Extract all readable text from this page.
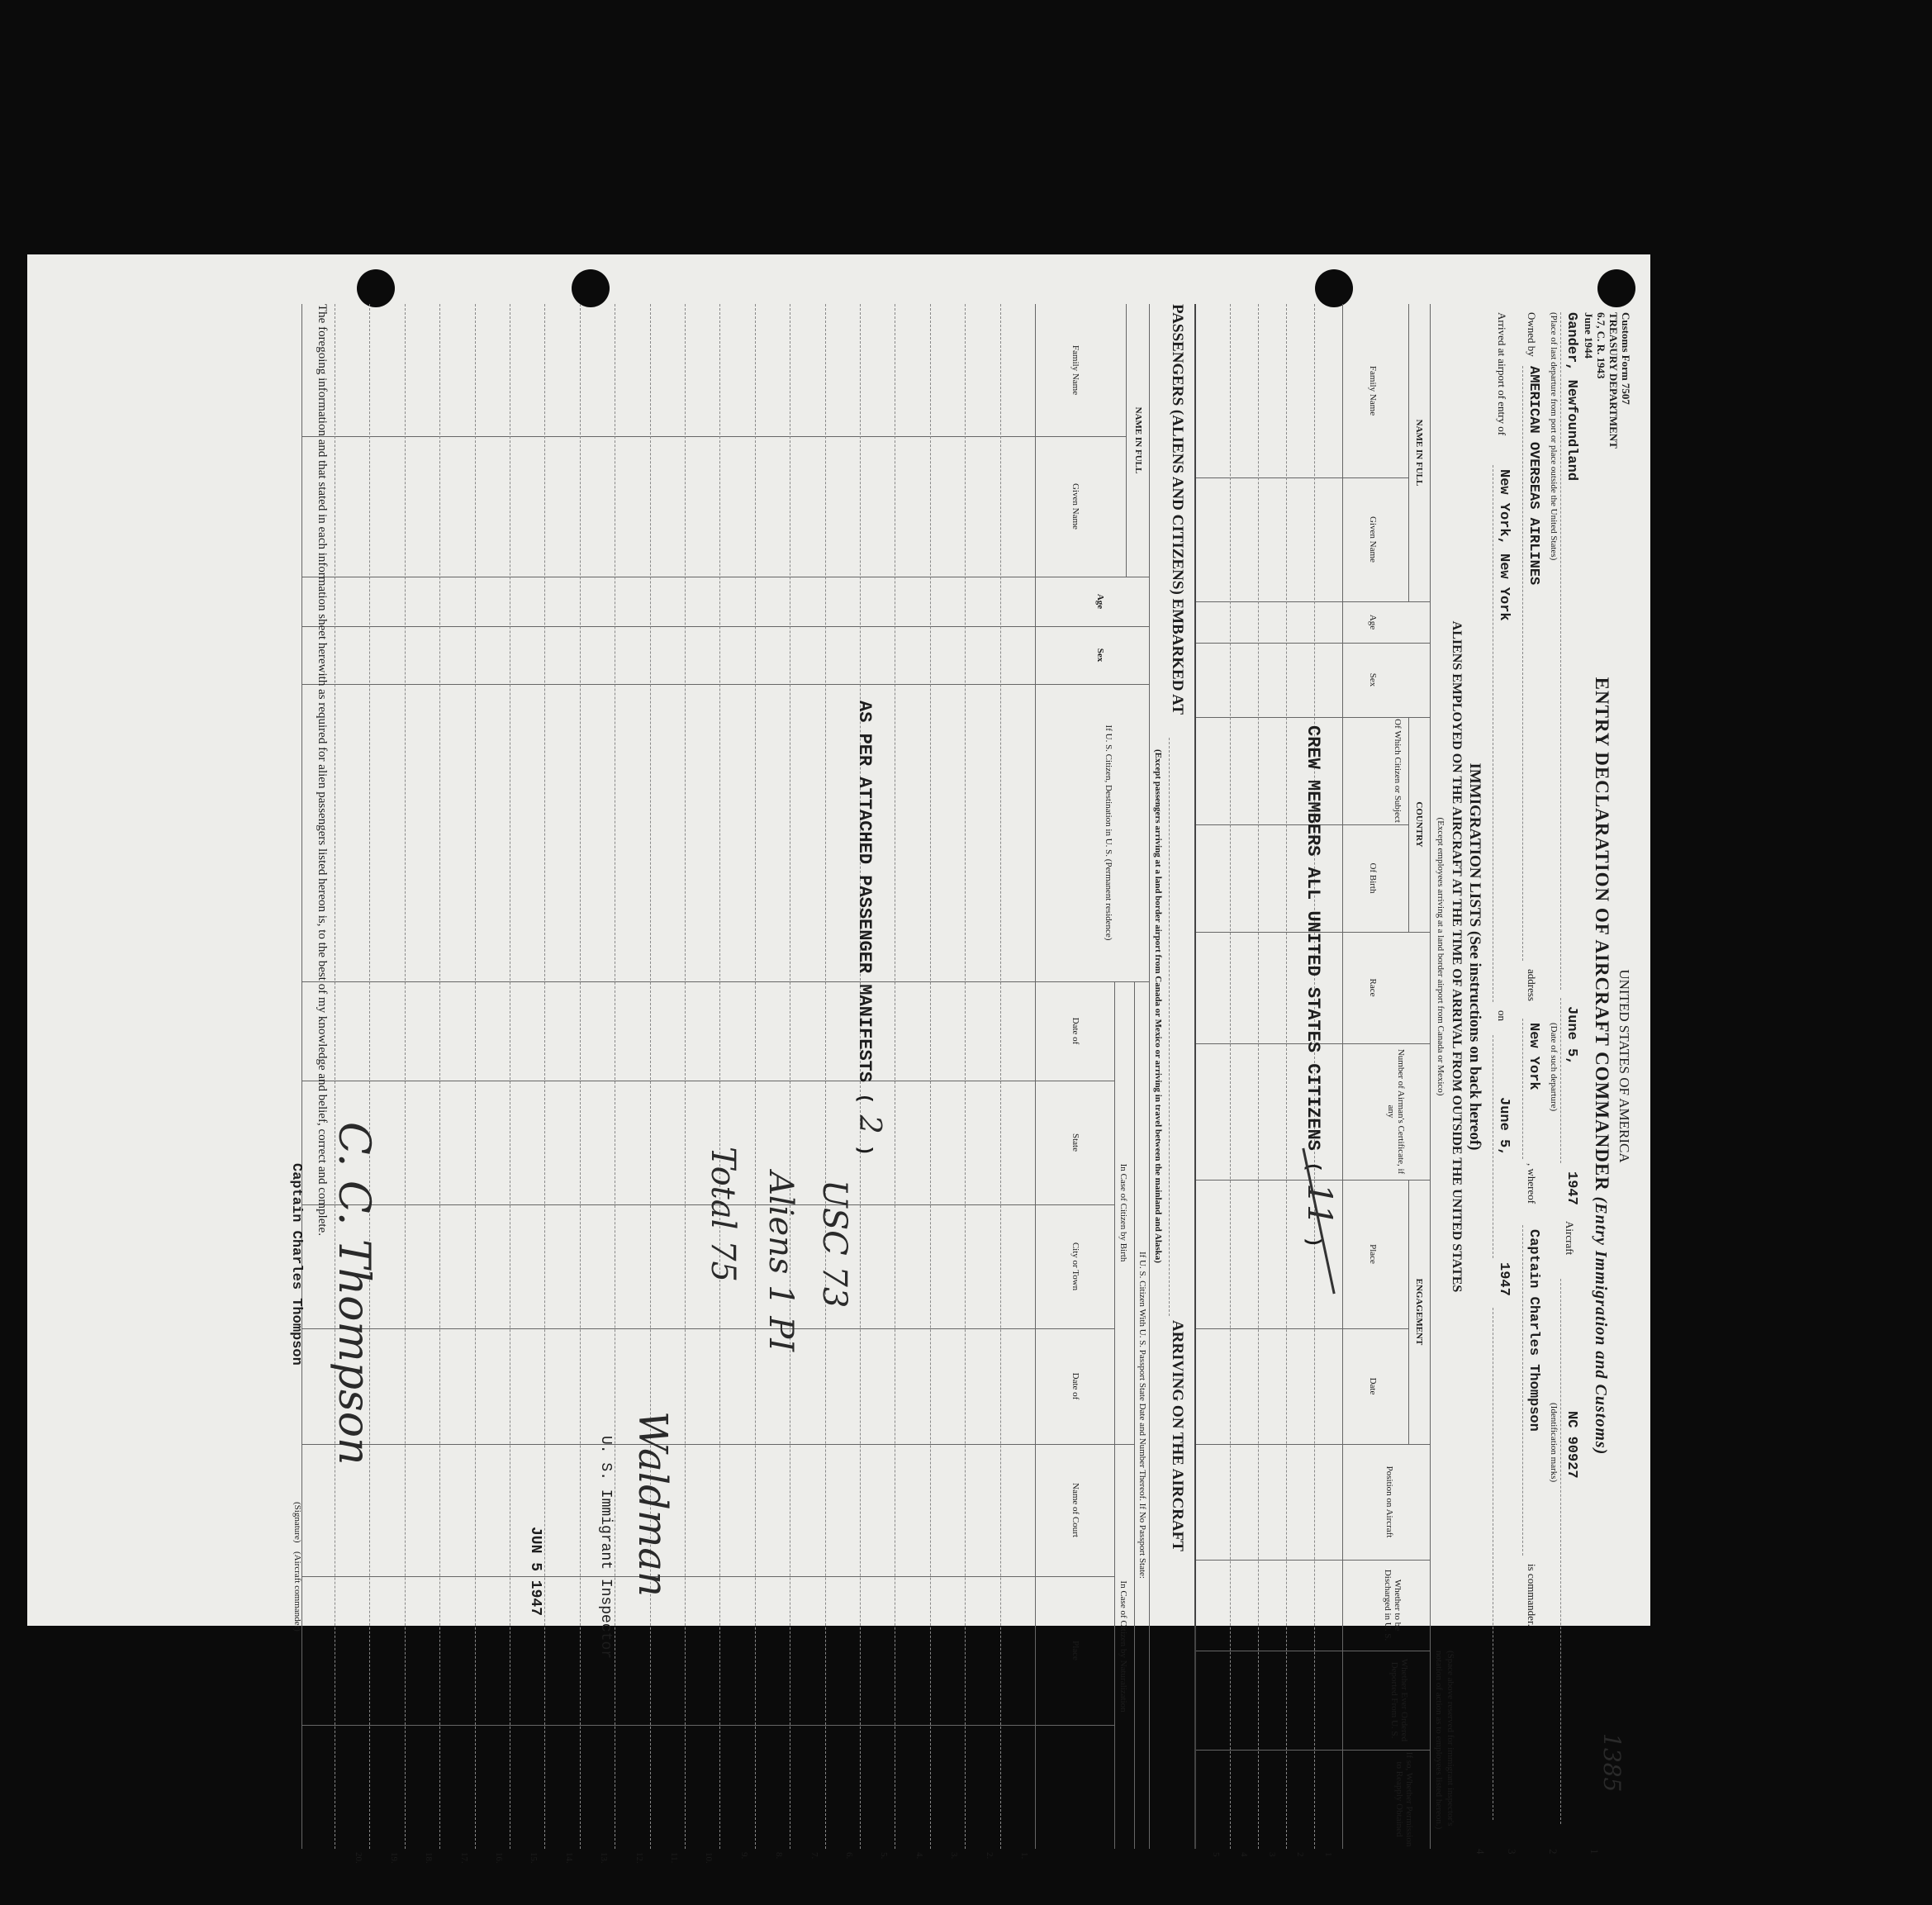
Customs Form 7507
TREASURY DEPARTMENT
6.7, C. R. 1943
June 1944
UNITED STATES OF AMERICA
ENTRY DECLARATION OF AIRCRAFT COMMANDER (Entry Immigration and Customs)
1385
1
2
3
4
Gander, Newfoundland
(Place of last departure from port or place outside the United States)
June 5,
(Date of such departure)
1947
Aircraft
NC 90927
(Identification marks)
Owned by
AMERICAN OVERSEAS AIRLINES
address
New York
, whereof
Captain Charles Thompson
is commander.
Arrived at airport of entry of
New York, New York
on
June 5,
1947
IMMIGRATION LISTS (See instructions on back hereof)
ALIENS EMPLOYED ON THE AIRCRAFT AT THE TIME OF ARRIVAL FROM OUTSIDE THE UNITED STATES
(Except employees arriving at a land border airport from Canada or Mexico)
(Space above reserved for immigrant inspector's
notation of action as to employees listed hereon.)
NAME IN FULL
COUNTRY
ENGAGEMENT
Family Name
Given Name
Age
Sex
Of Which Citizen or Subject
Of Birth
Race
Number of Airman's Certificate, if any
Place
Date
Position on Aircraft
Whether to be Discharged in U. S.
Whether Ever Ordered Deported From U. S.
If so, Whether Permission to Reapply Obtained
1
2
3
4
5
CREW MEMBERS ALL UNITED STATES CITIZENS ( 11 )
PASSENGERS (ALIENS AND CITIZENS) EMBARKED AT
ARRIVING ON THE AIRCRAFT
(Except passengers arriving at a land border airport from Canada or Mexico or arriving in travel between the mainland and Alaska)
NAME IN FULL
If U. S. Citizen With U. S. Passport State Date and Number Thereof. If No Passport State:
In Case of Citizen by Birth
In Case of Citizen by Naturalization
Family Name
Given Name
Age
Sex
If U. S. Citizen, Destination in U. S. (Permanent residence)
Date of
State
City or Town
Date of
Name of Court
Place
1.
2.
3.
4.
5.
6.
7.
8.
9.
10.
11.
12.
13.
14.
15.
16.
17.
18.
19.
20.
AS PER ATTACHED PASSENGER MANIFESTS ( 2 )
USC 73
Aliens 1 PI
Total 75
Waldman
U. S. Immigrant Inspector
JUN 5 1947
The foregoing information and that stated in each information sheet herewith as required for alien passengers listed hereon is, to the best of my knowledge and belief, correct and complete.
C. C. Thompson
Captain Charles Thompson
(Signature)
(Aircraft commander)
